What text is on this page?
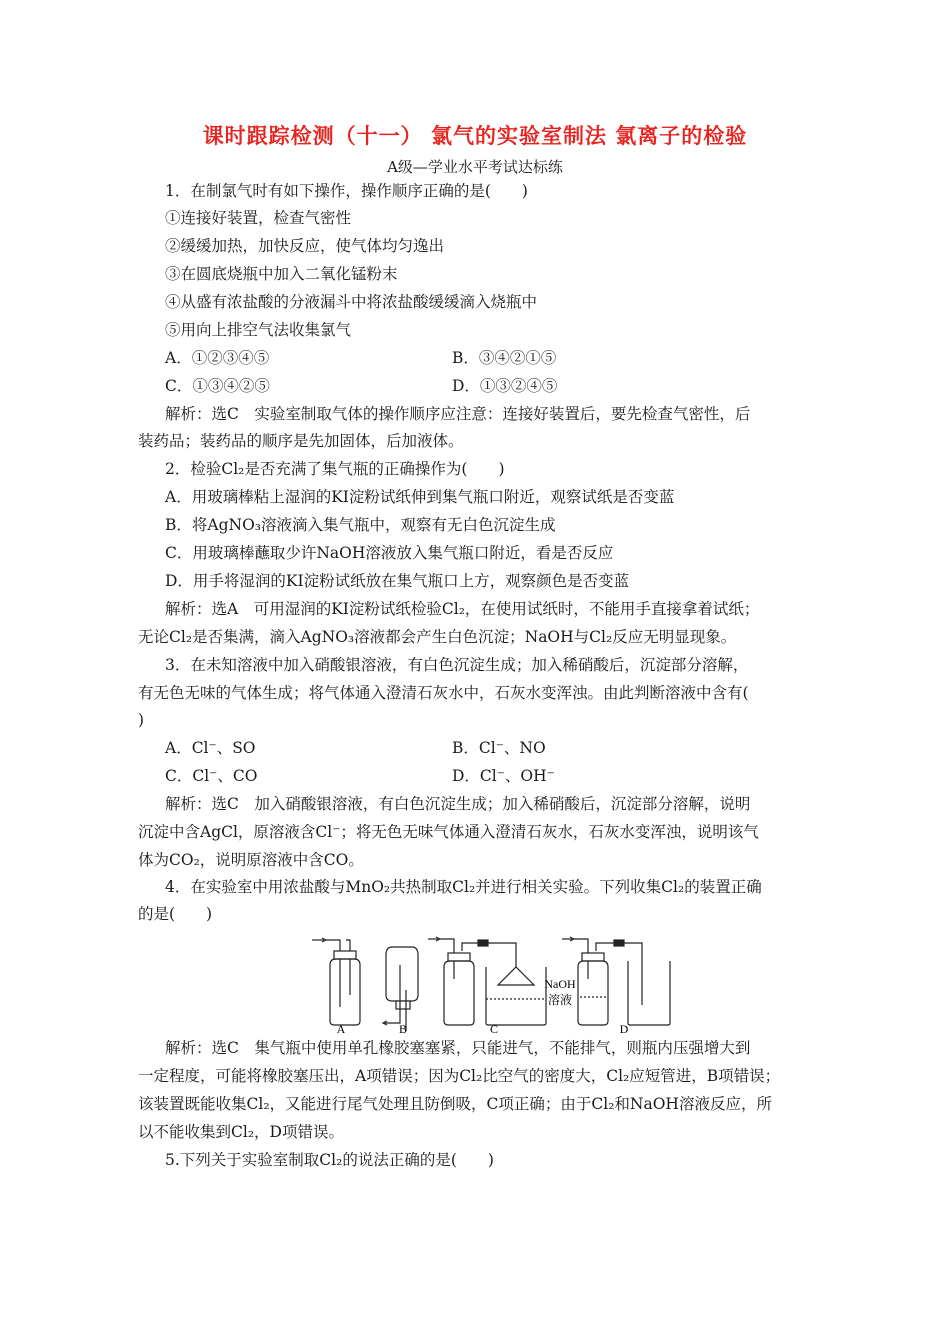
课时跟踪检测（十一） 氯气的实验室制法 氯离子的检验
A级—学业水平考试达标练
1．在制氯气时有如下操作，操作顺序正确的是(　　)
①连接好装置，检查气密性
②缓缓加热，加快反应，使气体均匀逸出
③在圆底烧瓶中加入二氧化锰粉末
④从盛有浓盐酸的分液漏斗中将浓盐酸缓缓滴入烧瓶中
⑤用向上排空气法收集氯气
A．①②③④⑤	B．③④②①⑤
C．①③④②⑤	D．①③②④⑤
解析：选C　实验室制取气体的操作顺序应注意：连接好装置后，要先检查气密性，后
装药品；装药品的顺序是先加固体，后加液体。
2．检验Cl₂是否充满了集气瓶的正确操作为(　　)
A．用玻璃棒粘上湿润的KI淀粉试纸伸到集气瓶口附近，观察试纸是否变蓝
B．将AgNO₃溶液滴入集气瓶中，观察有无白色沉淀生成
C．用玻璃棒蘸取少许NaOH溶液放入集气瓶口附近，看是否反应
D．用手将湿润的KI淀粉试纸放在集气瓶口上方，观察颜色是否变蓝
解析：选A　可用湿润的KI淀粉试纸检验Cl₂，在使用试纸时，不能用手直接拿着试纸；
无论Cl₂是否集满，滴入AgNO₃溶液都会产生白色沉淀；NaOH与Cl₂反应无明显现象。
3．在未知溶液中加入硝酸银溶液，有白色沉淀生成；加入稀硝酸后，沉淀部分溶解，
有无色无味的气体生成；将气体通入澄清石灰水中，石灰水变浑浊。由此判断溶液中含有(
)
A．Cl⁻、SO	B．Cl⁻、NO
C．Cl⁻、CO	D．Cl⁻、OH⁻
解析：选C　加入硝酸银溶液，有白色沉淀生成；加入稀硝酸后，沉淀部分溶解，说明
沉淀中含AgCl，原溶液含Cl⁻；将无色无味气体通入澄清石灰水，石灰水变浑浊，说明该气
体为CO₂，说明原溶液中含CO。
4．在实验室中用浓盐酸与MnO₂共热制取Cl₂并进行相关实验。下列收集Cl₂的装置正确
的是(　　)
A	B	C	D
NaOH
溶液
解析：选C　集气瓶中使用单孔橡胶塞塞紧，只能进气，不能排气，则瓶内压强增大到
一定程度，可能将橡胶塞压出，A项错误；因为Cl₂比空气的密度大，Cl₂应短管进，B项错误；
该装置既能收集Cl₂，又能进行尾气处理且防倒吸，C项正确；由于Cl₂和NaOH溶液反应，所
以不能收集到Cl₂，D项错误。
5.下列关于实验室制取Cl₂的说法正确的是(　　)
